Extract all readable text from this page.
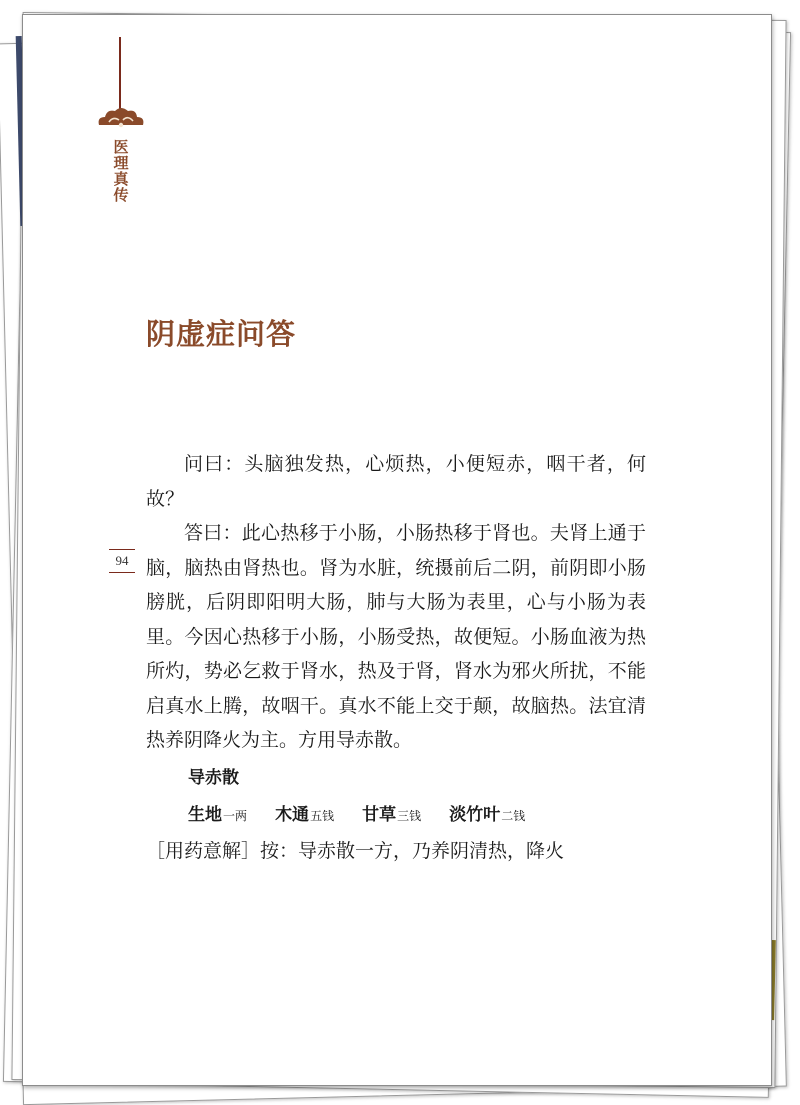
医理真传
94
阴虚症问答

问曰：头脑独发热，心烦热，小便短赤，咽干者，何故？

答曰：此心热移于小肠，小肠热移于肾也。夫肾上通于脑，脑热由肾热也。肾为水脏，统摄前后二阴，前阴即小肠膀胱，后阴即阳明大肠，肺与大肠为表里，心与小肠为表里。今因心热移于小肠，小肠受热，故便短。小肠血液为热所灼，势必乞救于肾水，热及于肾，肾水为邪火所扰，不能启真水上腾，故咽干。真水不能上交于颠，故脑热。法宜清热养阴降火为主。方用导赤散。

导赤散
生地一两 木通五钱 甘草三钱 淡竹叶二钱

［用药意解］按：导赤散一方，乃养阴清热，降火
